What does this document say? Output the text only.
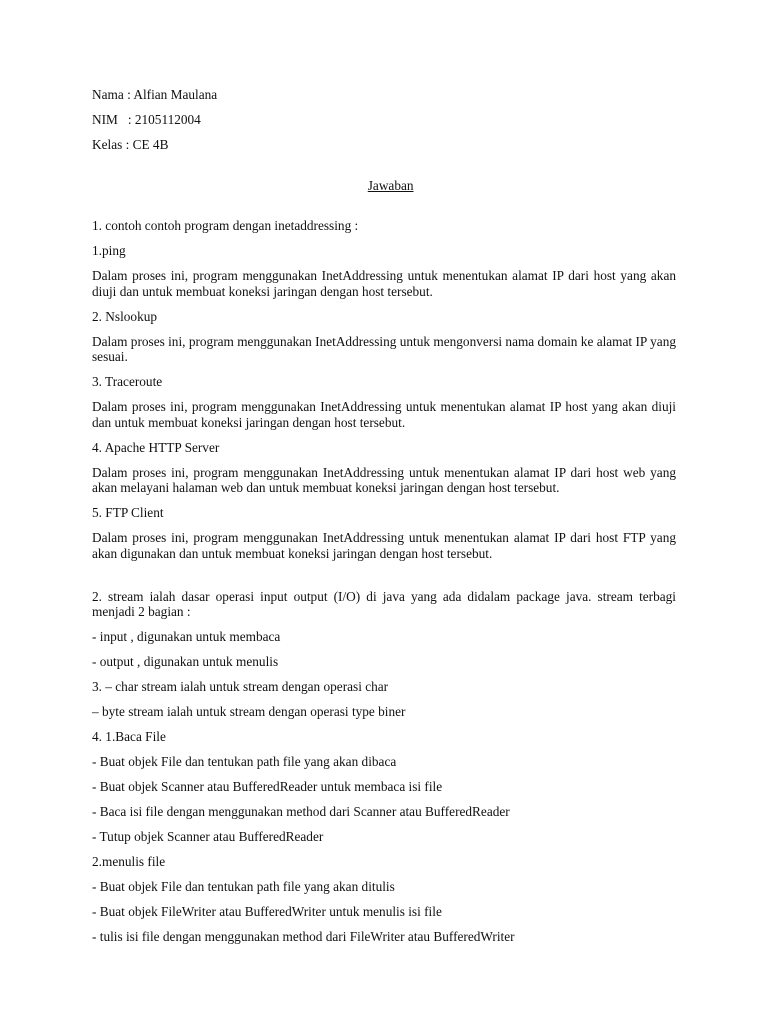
Nama : Alfian Maulana

NIM   : 2105112004

Kelas : CE 4B

Jawaban

1. contoh contoh program dengan inetaddressing :

1.ping

Dalam proses ini, program menggunakan InetAddressing untuk menentukan alamat IP dari host yang akan diuji dan untuk membuat koneksi jaringan dengan host tersebut.

2. Nslookup

Dalam proses ini, program menggunakan InetAddressing untuk mengonversi nama domain ke alamat IP yang sesuai.

3. Traceroute

Dalam proses ini, program menggunakan InetAddressing untuk menentukan alamat IP host yang akan diuji dan untuk membuat koneksi jaringan dengan host tersebut.

4. Apache HTTP Server

Dalam proses ini, program menggunakan InetAddressing untuk menentukan alamat IP dari host web yang akan melayani halaman web dan untuk membuat koneksi jaringan dengan host tersebut.

5. FTP Client

Dalam proses ini, program menggunakan InetAddressing untuk menentukan alamat IP dari host FTP yang akan digunakan dan untuk membuat koneksi jaringan dengan host tersebut.

2. stream ialah dasar operasi input output (I/O) di java yang ada didalam package java. stream terbagi menjadi 2 bagian :

- input , digunakan untuk membaca

- output , digunakan untuk menulis

3. – char stream ialah untuk stream dengan operasi char

– byte stream ialah untuk stream dengan operasi type biner

4. 1.Baca File

- Buat objek File dan tentukan path file yang akan dibaca

- Buat objek Scanner atau BufferedReader untuk membaca isi file

- Baca isi file dengan menggunakan method dari Scanner atau BufferedReader

- Tutup objek Scanner atau BufferedReader

2.menulis file

- Buat objek File dan tentukan path file yang akan ditulis

- Buat objek FileWriter atau BufferedWriter untuk menulis isi file

- tulis isi file dengan menggunakan method dari FileWriter atau BufferedWriter
